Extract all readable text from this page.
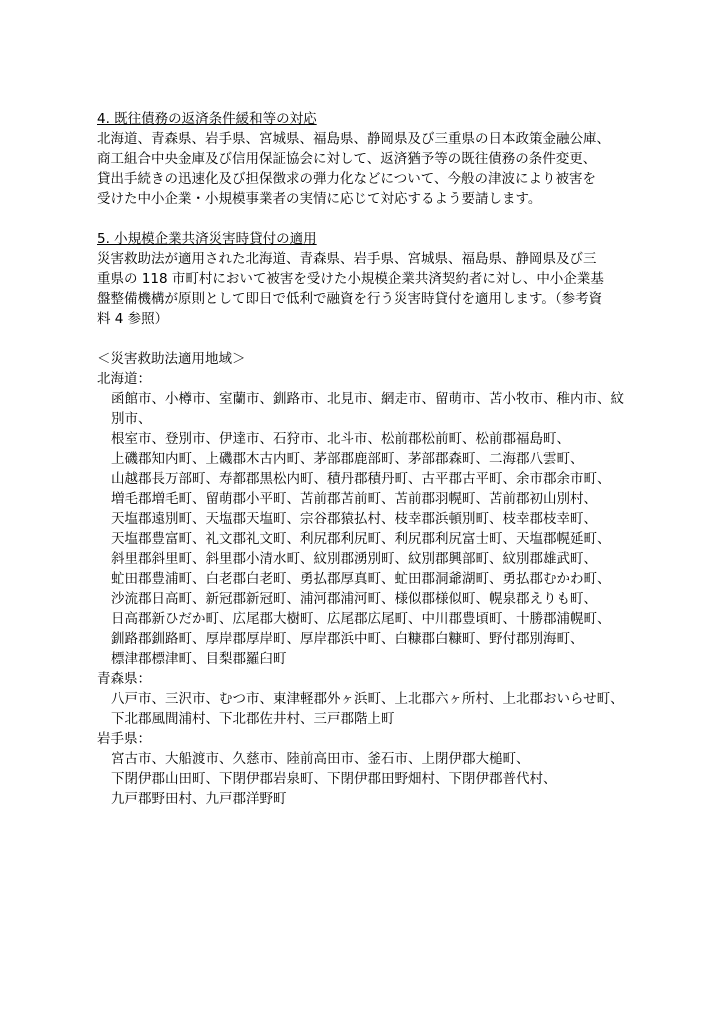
4. 既往債務の返済条件緩和等の対応
北海道、青森県、岩手県、宮城県、福島県、静岡県及び三重県の日本政策金融公庫、
商工組合中央金庫及び信用保証協会に対して、返済猶予等の既往債務の条件変更、
貸出手続きの迅速化及び担保徴求の弾力化などについて、今般の津波により被害を
受けた中小企業・小規模事業者の実情に応じて対応するよう要請します。
5. 小規模企業共済災害時貸付の適用
災害救助法が適用された北海道、青森県、岩手県、宮城県、福島県、静岡県及び三
重県の 118 市町村において被害を受けた小規模企業共済契約者に対し、中小企業基
盤整備機構が原則として即日で低利で融資を行う災害時貸付を適用します。（参考資
料 4 参照）
＜災害救助法適用地域＞
北海道：
函館市、小樽市、室蘭市、釧路市、北見市、網走市、留萌市、苫小牧市、稚内市、紋
別市、
根室市、登別市、伊達市、石狩市、北斗市、松前郡松前町、松前郡福島町、
上磯郡知内町、上磯郡木古内町、茅部郡鹿部町、茅部郡森町、二海郡八雲町、
山越郡長万部町、寿都郡黒松内町、積丹郡積丹町、古平郡古平町、余市郡余市町、
増毛郡増毛町、留萌郡小平町、苫前郡苫前町、苫前郡羽幌町、苫前郡初山別村、
天塩郡遠別町、天塩郡天塩町、宗谷郡猿払村、枝幸郡浜頓別町、枝幸郡枝幸町、
天塩郡豊富町、礼文郡礼文町、利尻郡利尻町、利尻郡利尻富士町、天塩郡幌延町、
斜里郡斜里町、斜里郡小清水町、紋別郡湧別町、紋別郡興部町、紋別郡雄武町、
虻田郡豊浦町、白老郡白老町、勇払郡厚真町、虻田郡洞爺湖町、勇払郡むかわ町、
沙流郡日高町、新冠郡新冠町、浦河郡浦河町、様似郡様似町、幌泉郡えりも町、
日高郡新ひだか町、広尾郡大樹町、広尾郡広尾町、中川郡豊頃町、十勝郡浦幌町、
釧路郡釧路町、厚岸郡厚岸町、厚岸郡浜中町、白糠郡白糠町、野付郡別海町、
標津郡標津町、目梨郡羅臼町
青森県：
八戸市、三沢市、むつ市、東津軽郡外ヶ浜町、上北郡六ヶ所村、上北郡おいらせ町、
下北郡風間浦村、下北郡佐井村、三戸郡階上町
岩手県：
宮古市、大船渡市、久慈市、陸前高田市、釜石市、上閉伊郡大槌町、
下閉伊郡山田町、下閉伊郡岩泉町、下閉伊郡田野畑村、下閉伊郡普代村、
九戸郡野田村、九戸郡洋野町
